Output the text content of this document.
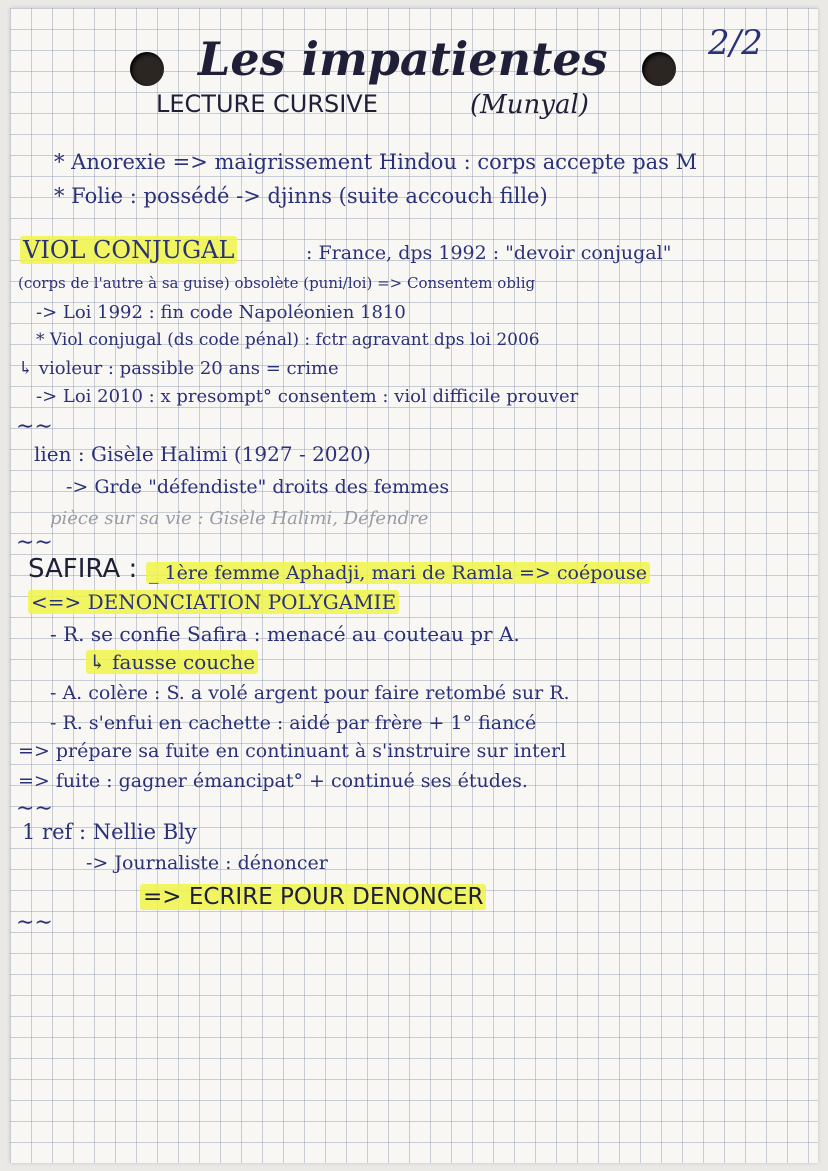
2/2
Les impatientes
LECTURE CURSIVE	(Munyal)
* Anorexie => maigrissement Hindou : corps accepte pas M
* Folie : possédé -> djinns (suite accouch fille)
VIOL CONJUGAL	: France, dps 1992 : "devoir conjugal"
(corps de l'autre à sa guise) obsolète (puni/loi) => Consentem oblig
-> Loi 1992 : fin code Napoléonien 1810
* Viol conjugal (ds code pénal) : fctr agravant dps loi 2006
↳ violeur : passible 20 ans = crime
-> Loi 2010 : x presompt° consentem : viol difficile prouver
∼∼
lien : Gisèle Halimi (1927 - 2020)
-> Grde "défendiste" droits des femmes
pièce sur sa vie : Gisèle Halimi, Défendre
∼∼
SAFIRA : _ 1ère femme Aphadji, mari de Ramla => coépouse
<=> DENONCIATION POLYGAMIE
- R. se confie Safira : menacé au couteau pr A.
↳ fausse couche
- A. colère : S. a volé argent pour faire retombé sur R.
- R. s'enfui en cachette : aidé par frère + 1° fiancé
=> prépare sa fuite en continuant à s'instruire sur interl
=> fuite : gagner émancipat° + continué ses études.
∼∼
1 ref : Nellie Bly
-> Journaliste : dénoncer
=> ECRIRE POUR DENONCER
∼∼
